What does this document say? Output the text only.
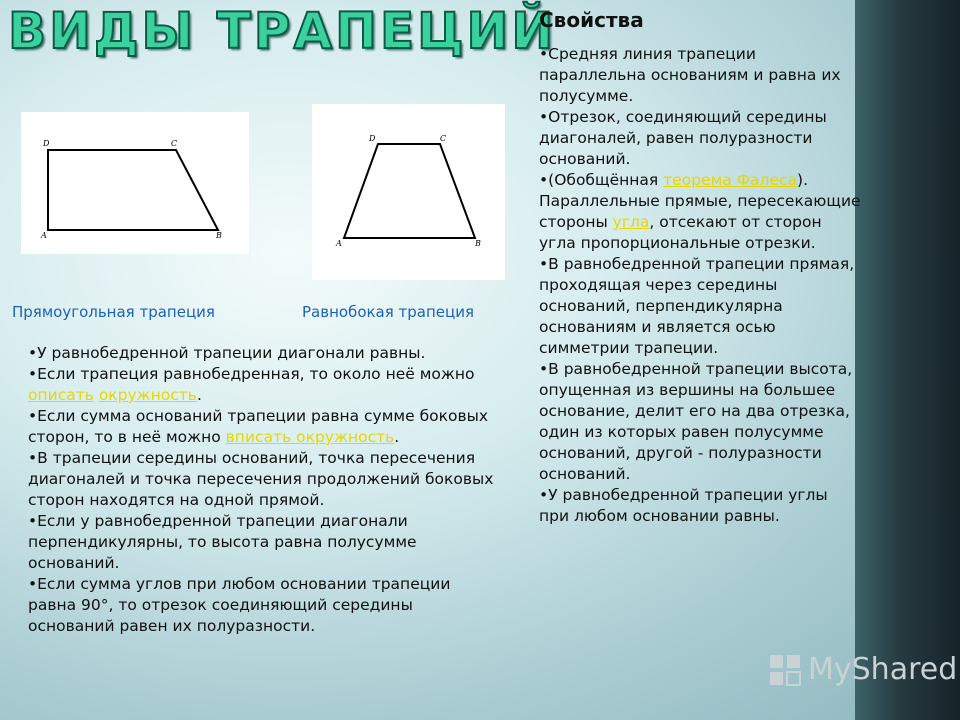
ВИДЫ ТРАПЕЦИЙ
D	C
A	B
D	C
A	B
Прямоугольная трапеция	Равнобокая трапеция

•У равнобедренной трапеции диагонали равны.

•Если трапеция равнобедренная, то около неё можно описать окружность.

•Если сумма оснований трапеции равна сумме боковых сторон, то в неё можно вписать окружность.

•В трапеции середины оснований, точка пересечения диагоналей и точка пересечения продолжений боковых сторон находятся на одной прямой.

•Если у равнобедренной трапеции диагонали перпендикулярны, то высота равна полусумме оснований.

•Если сумма углов при любом основании трапеции равна 90°, то отрезок соединяющий середины оснований равен их полуразности.

Свойства

•Средняя линия трапеции параллельна основаниям и равна их полусумме.

•Отрезок, соединяющий середины диагоналей, равен полуразности оснований.

•(Обобщённая теорема Фалеса). Параллельные прямые, пересекающие стороны угла, отсекают от сторон угла пропорциональные отрезки.

•В равнобедренной трапеции прямая, проходящая через середины оснований, перпендикулярна основаниям и является осью симметрии трапеции.

•В равнобедренной трапеции высота, опущенная из вершины на большее основание, делит его на два отрезка, один из которых равен полусумме оснований, другой - полуразности оснований.

•У равнобедренной трапеции углы при любом основании равны.

MyShared
